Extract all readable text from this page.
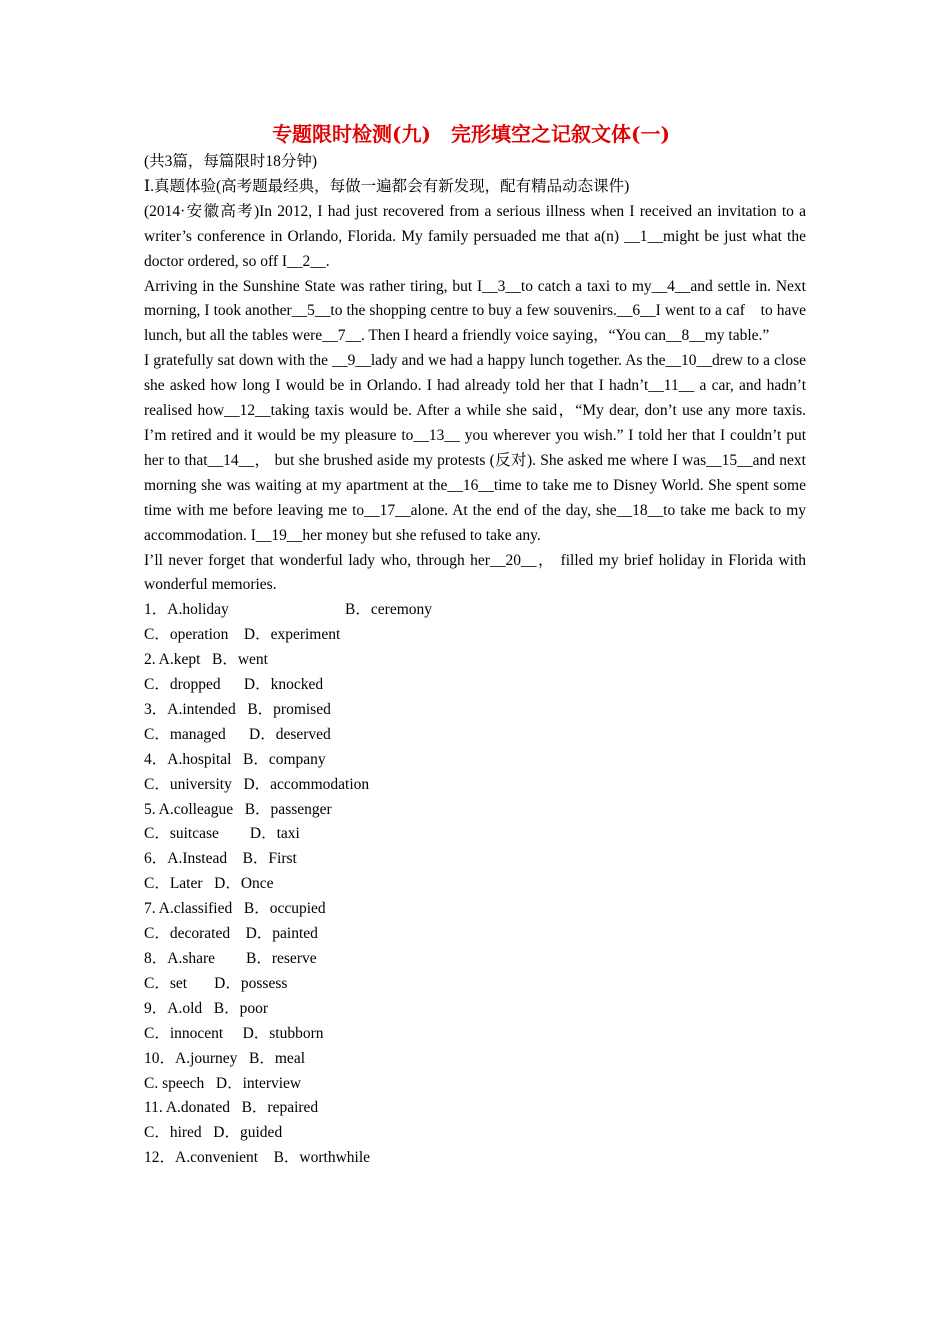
专题限时检测(九)　完形填空之记叙文体(一)
(共3篇，每篇限时18分钟)
Ⅰ.真题体验(高考题最经典，每做一遍都会有新发现，配有精品动态课件)
(2014·安徽高考)In 2012, I had just recovered from a serious illness when I received an invitation to a writer’s conference in Orlando, Florida. My family persuaded me that a(n) __1__might be just what the doctor ordered, so off I__2__.
Arriving in the Sunshine State was rather tiring, but I__3__to catch a taxi to my__4__and settle in. Next morning, I took another__5__to the shopping centre to buy a few souvenirs.__6__I went to a caf　to have lunch, but all the tables were__7__. Then I heard a friendly voice saying，“You can__8__my table.”
I gratefully sat down with the __9__lady and we had a happy lunch together. As the__10__drew to a close she asked how long I would be in Orlando. I had already told her that I hadn’t__11__ a car, and hadn’t realised how__12__taking taxis would be. After a while she said，“My dear, don’t use any more taxis. I’m retired and it would be my pleasure to__13__ you wherever you wish.” I told her that I couldn’t put her to that__14__， but she brushed aside my protests (反对). She asked me where I was__15__and next morning she was waiting at my apartment at the__16__time to take me to Disney World. She spent some time with me before leaving me to__17__alone. At the end of the day, she__18__to take me back to my accommodation. I__19__her money but she refused to take any.
I’ll never forget that wonderful lady who, through her__20__， filled my brief holiday in Florida with wonderful memories.
1．A.holiday                              B．ceremony
C．operation　D．experiment
2. A.kept   B．went
C．dropped　  D．knocked
3．A.intended   B．promised
C．managed　  D．deserved
4．A.hospital   B．company
C．university   D．accommodation
5. A.colleague   B．passenger
C．suitcase　    D．taxi
6．A.Instead　B．First
C．Later   D．Once
7. A.classified   B．occupied
C．decorated　D．painted
8．A.share　　B．reserve
C．set　   D．possess
9．A.old   B．poor
C．innocent　 D．stubborn
10．A.journey   B．meal
C. speech   D．interview
11. A.donated   B．repaired
C．hired   D．guided
12．A.convenient　B．worthwhile
